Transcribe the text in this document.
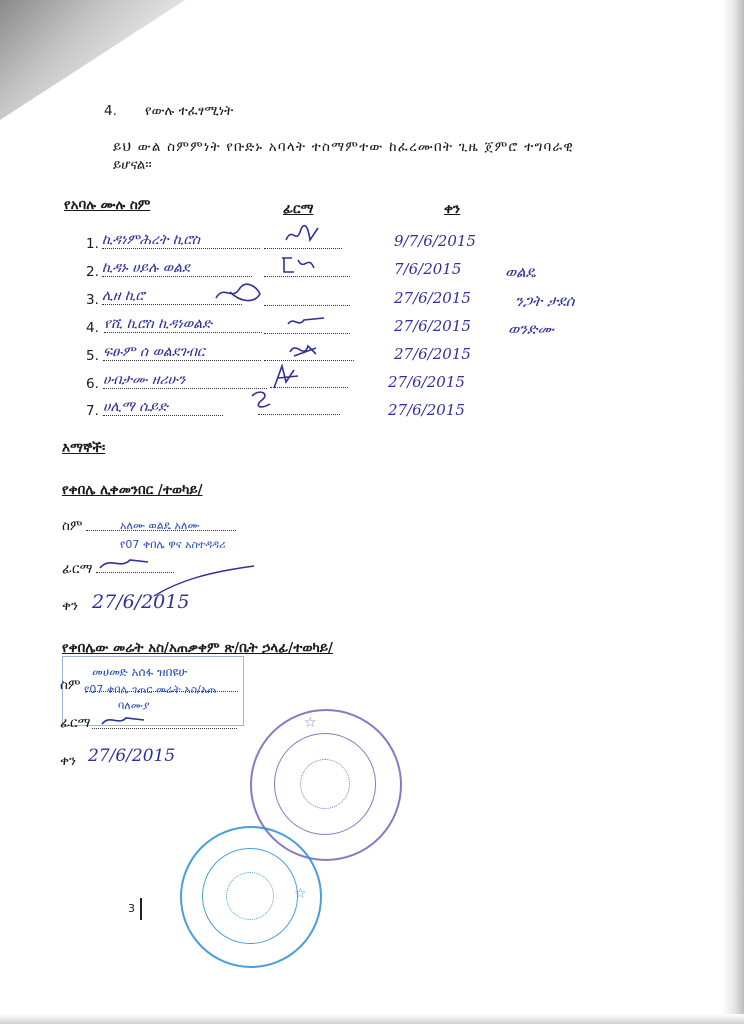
4. የውሉ ተፈፃሚነት
ይህ ውል ስምምነት የቡድኑ አባላት ተስማምተው ከፈረሙበት ጊዜ ጀምሮ ተግባራዊ
ይሆናል፡፡
የአባሉ ሙሉ ስም	ፊርማ	ቀን
1. ኪዳነምሕረት ኪሮስ	9/7/6/2015
2. ኪዳኑ ሀይሉ ወልደ	7/6/2015	ወልዴ
3. ሊዘ ኪሮ	27/6/2015	ንጋት ታደሰ
4. የሺ ኪሮስ ኪዳነወልድ	27/6/2015 ወንድሙ
5. ፍፁም ሰ ወልደገብር	27/6/2015
6. ሀብታሙ ዘሪሁን	27/6/2015
7. ሀሊማ ሴይድ	27/6/2015
እማኞች፡
የቀበሌ ሊቀመንበር /ተወካይ/
ስም	አለሙ ወልዴ አለሙ
የ07 ቀበሌ ዋና አስተዳዳሪ
ፊርማ
ቀን 27/6/2015
የቀበሌው መሬት አስ/አጠቃቀም ጽ/ቤት ኃላፊ/ተወካይ/
መሀመድ አሰፋ ዝበዩሁ
ስም የ07 ቀበሌ ገጠር መሬት አስ/አጠ
ባለሙያ
ፊርማ
ቀን 27/6/2015
☆
☆
3
